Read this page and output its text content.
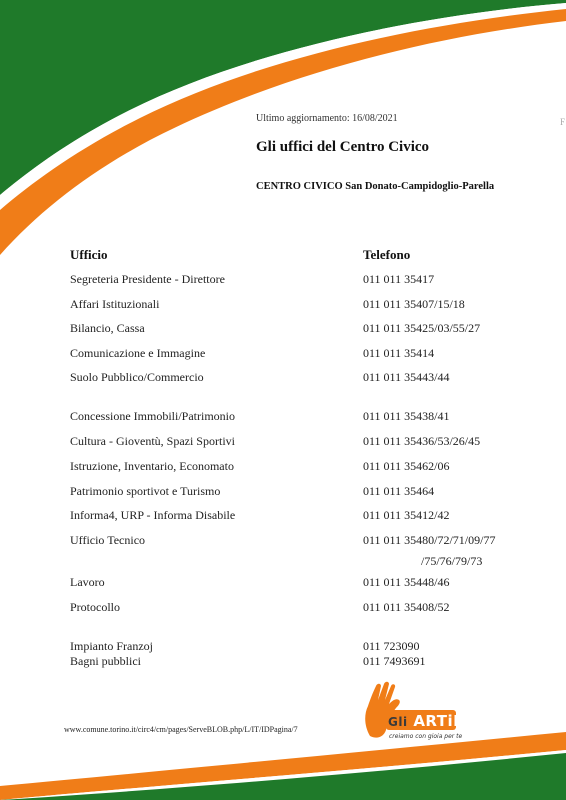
Ultimo aggiornamento: 16/08/2021	F
Gli uffici del Centro Civico
CENTRO CIVICO San Donato-Campidoglio-Parella
Ufficio	Telefono
Segreteria Presidente - Direttore	011 011 35417
Affari Istituzionali	011 011 35407/15/18
Bilancio, Cassa	011 011 35425/03/55/27
Comunicazione e Immagine	011 011 35414
Suolo Pubblico/Commercio	011 011 35443/44
Concessione Immobili/Patrimonio	011 011 35438/41
Cultura - Gioventù, Spazi Sportivi	011 011 35436/53/26/45
Istruzione, Inventario, Economato	011 011 35462/06
Patrimonio sportivot e Turismo	011 011 35464
Informa4, URP - Informa Disabile	011 011 35412/42
Ufficio Tecnico	011 011 35480/72/71/09/77
/75/76/79/73
Lavoro	011 011 35448/46
Protocollo	011 011 35408/52
Impianto Franzoj	011 723090
Bagni pubblici	011 7493691
www.comune.torino.it/circ4/cm/pages/ServeBLOB.php/L/IT/IDPagina/7
Gli ARTiMaNi
creiamo con gioia per te
